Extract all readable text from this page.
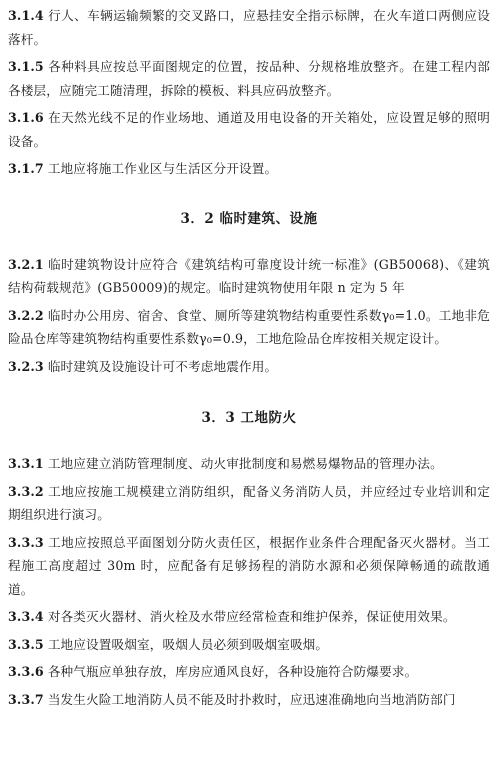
3.1.4 行人、车辆运输频繁的交叉路口，应悬挂安全指示标牌，在火车道口两侧应设落杆。

3.1.5 各种料具应按总平面图规定的位置，按品种、分规格堆放整齐。在建工程内部各楼层，应随完工随清理，拆除的模板、料具应码放整齐。

3.1.6 在天然光线不足的作业场地、通道及用电设备的开关箱处，应设置足够的照明设备。

3.1.7 工地应将施工作业区与生活区分开设置。

3．2 临时建筑、设施

3.2.1 临时建筑物设计应符合《建筑结构可靠度设计统一标准》(GB50068)、《建筑结构荷载规范》(GB50009)的规定。临时建筑物使用年限 n 定为 5 年

3.2.2 临时办公用房、宿舍、食堂、厕所等建筑物结构重要性系数γ₀=1.0。工地非危险品仓库等建筑物结构重要性系数γ₀=0.9，工地危险品仓库按相关规定设计。

3.2.3 临时建筑及设施设计可不考虑地震作用。

3．3 工地防火

3.3.1 工地应建立消防管理制度、动火审批制度和易燃易爆物品的管理办法。

3.3.2 工地应按施工规模建立消防组织，配备义务消防人员，并应经过专业培训和定期组织进行演习。

3.3.3 工地应按照总平面图划分防火责任区，根据作业条件合理配备灭火器材。当工程施工高度超过 30m 时，应配备有足够扬程的消防水源和必须保障畅通的疏散通道。

3.3.4 对各类灭火器材、消火栓及水带应经常检查和维护保养，保证使用效果。

3.3.5 工地应设置吸烟室，吸烟人员必须到吸烟室吸烟。

3.3.6 各种气瓶应单独存放，库房应通风良好，各种设施符合防爆要求。

3.3.7 当发生火险工地消防人员不能及时扑救时，应迅速准确地向当地消防部门
